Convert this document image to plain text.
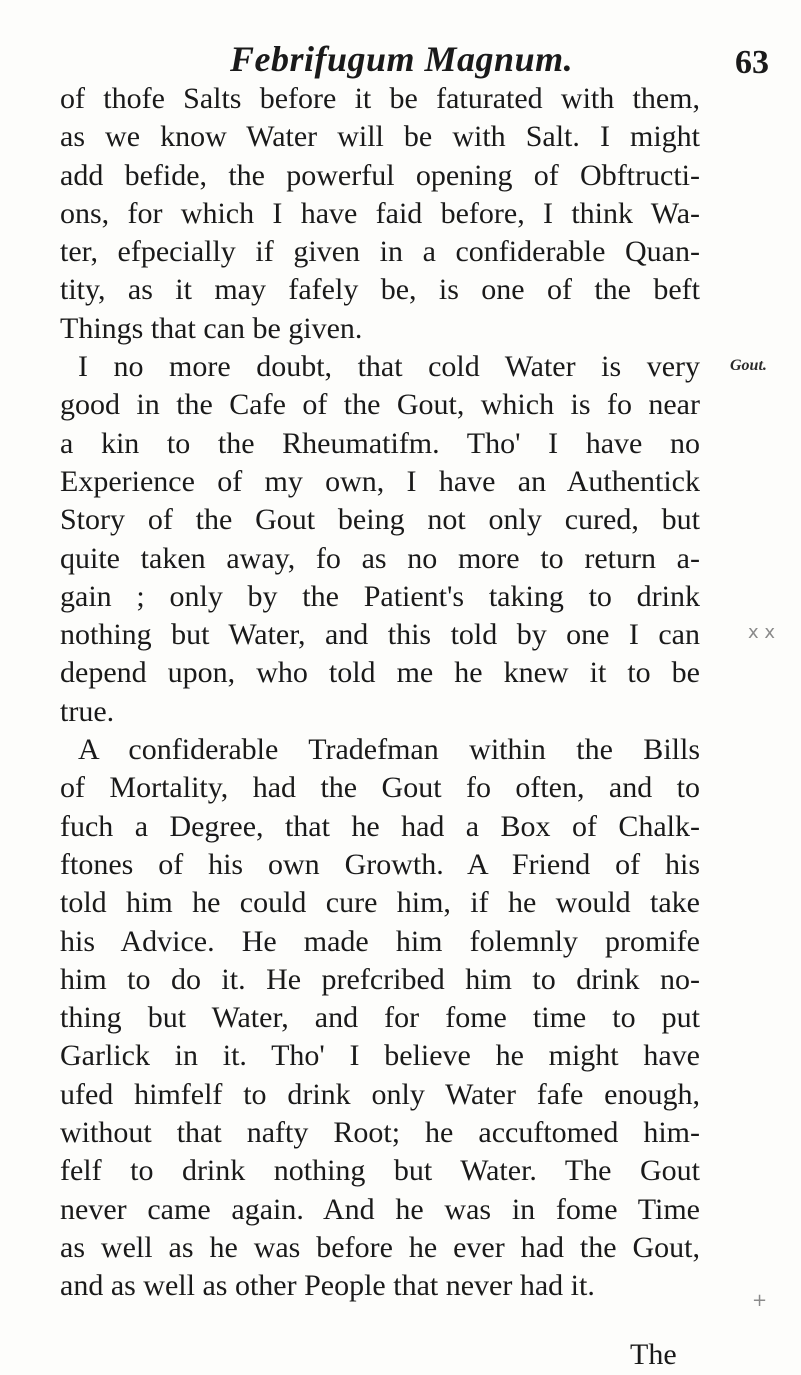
Febrifugum Magnum.	63
of thofe Salts before it be faturated with them,
as we know Water will be with Salt. I might
add befide, the powerful opening of Obftructi-
ons, for which I have faid before, I think Wa-
ter, efpecially if given in a confiderable Quan-
tity, as it may fafely be, is one of the beft
Things that can be given.
I no more doubt, that cold Water is very
good in the Cafe of the Gout, which is fo near
a kin to the Rheumatifm. Tho' I have no
Experience of my own, I have an Authentick
Story of the Gout being not only cured, but
quite taken away, fo as no more to return a-
gain ; only by the Patient's taking to drink
nothing but Water, and this told by one I can
depend upon, who told me he knew it to be
true.
A confiderable Tradefman within the Bills
of Mortality, had the Gout fo often, and to
fuch a Degree, that he had a Box of Chalk-
ftones of his own Growth. A Friend of his
told him he could cure him, if he would take
his Advice. He made him folemnly promife
him to do it. He prefcribed him to drink no-
thing but Water, and for fome time to put
Garlick in it. Tho' I believe he might have
ufed himfelf to drink only Water fafe enough,
without that nafty Root; he accuftomed him-
felf to drink nothing but Water. The Gout
never came again. And he was in fome Time
as well as he was before he ever had the Gout,
and as well as other People that never had it.
The
Gout.
x x
+
